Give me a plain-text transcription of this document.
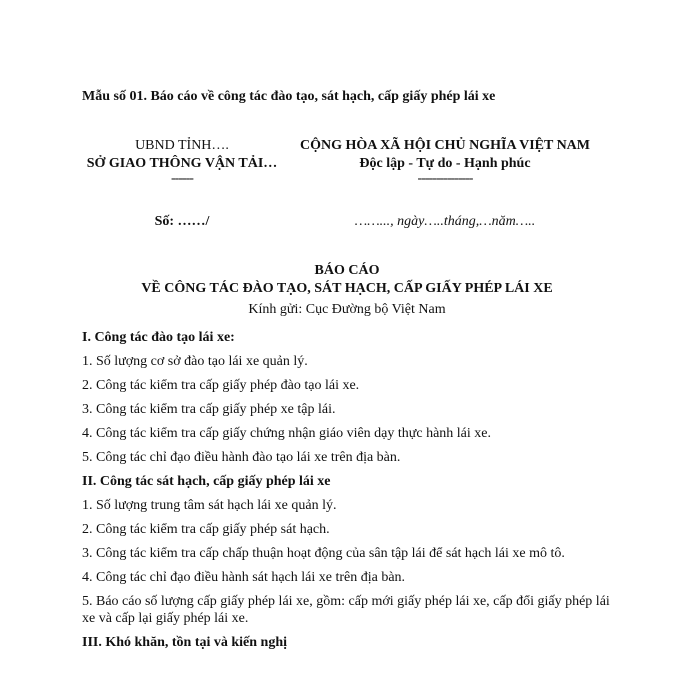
Mẫu số 01. Báo cáo về công tác đào tạo, sát hạch, cấp giấy phép lái xe
UBND TỈNH….
SỞ GIAO THÔNG VẬN TẢI…
------
CỘNG HÒA XÃ HỘI CHỦ NGHĨA VIỆT NAM
Độc lập - Tự do - Hạnh phúc
---------------
Số: ……/	……..., ngày…..tháng,…năm…..
BÁO CÁO
VỀ CÔNG TÁC ĐÀO TẠO, SÁT HẠCH, CẤP GIẤY PHÉP LÁI XE
Kính gửi: Cục Đường bộ Việt Nam
I. Công tác đào tạo lái xe:
1. Số lượng cơ sở đào tạo lái xe quản lý.
2. Công tác kiểm tra cấp giấy phép đào tạo lái xe.
3. Công tác kiểm tra cấp giấy phép xe tập lái.
4. Công tác kiểm tra cấp giấy chứng nhận giáo viên dạy thực hành lái xe.
5. Công tác chỉ đạo điều hành đào tạo lái xe trên địa bàn.
II. Công tác sát hạch, cấp giấy phép lái xe
1. Số lượng trung tâm sát hạch lái xe quản lý.
2. Công tác kiểm tra cấp giấy phép sát hạch.
3. Công tác kiểm tra cấp chấp thuận hoạt động của sân tập lái để sát hạch lái xe mô tô.
4. Công tác chỉ đạo điều hành sát hạch lái xe trên địa bàn.
5. Báo cáo số lượng cấp giấy phép lái xe, gồm: cấp mới giấy phép lái xe, cấp đổi giấy phép lái xe và cấp lại giấy phép lái xe.
III. Khó khăn, tồn tại và kiến nghị
